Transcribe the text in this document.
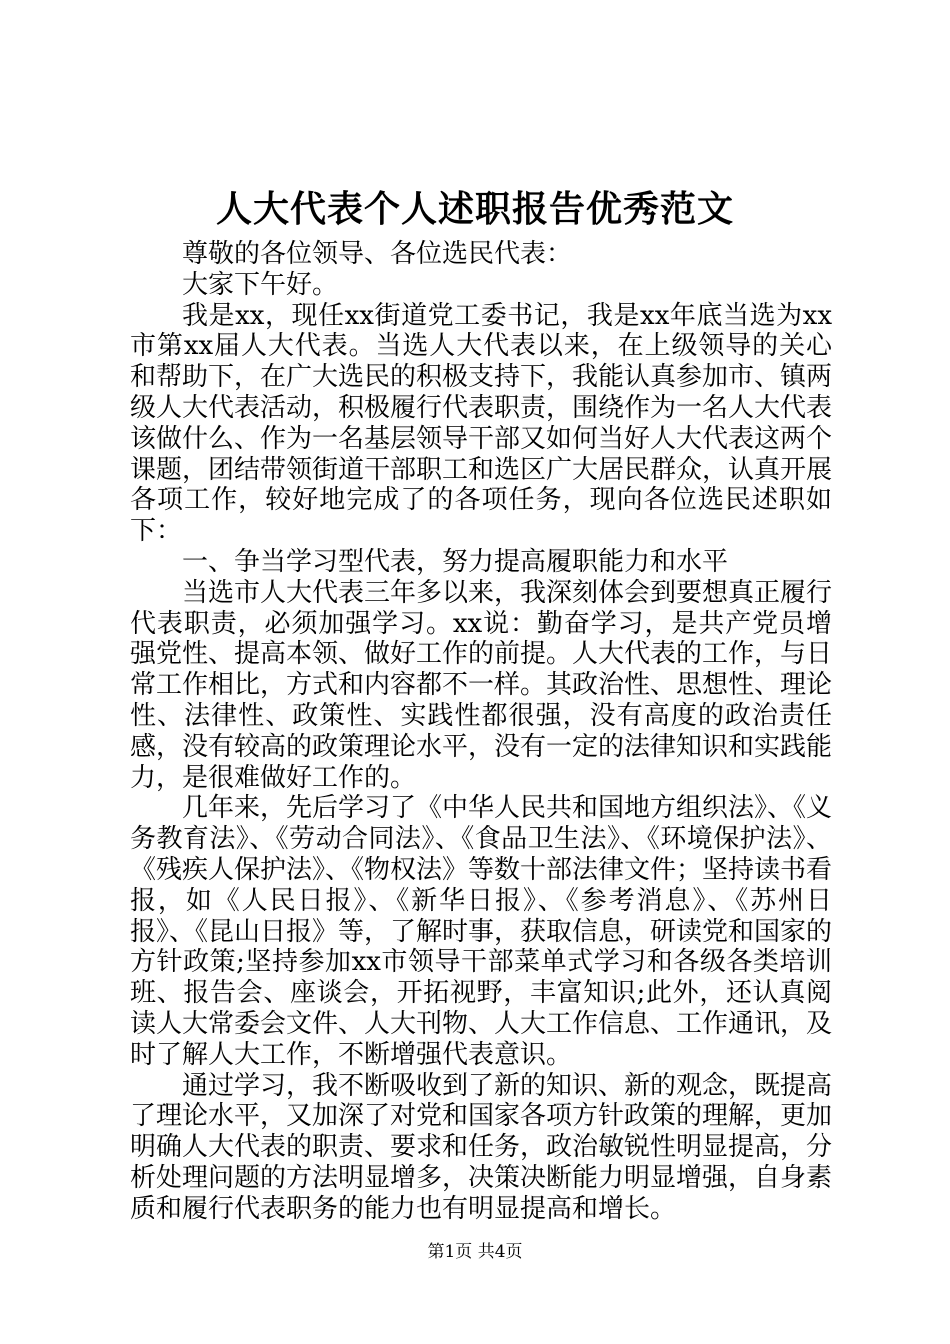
人大代表个人述职报告优秀范文

尊敬的各位领导、各位选民代表：

大家下午好。

我是xx，现任xx街道党工委书记，我是xx年底当选为xx市第xx届人大代表。当选人大代表以来，在上级领导的关心和帮助下，在广大选民的积极支持下，我能认真参加市、镇两级人大代表活动，积极履行代表职责，围绕作为一名人大代表该做什么、作为一名基层领导干部又如何当好人大代表这两个课题，团结带领街道干部职工和选区广大居民群众，认真开展各项工作，较好地完成了的各项任务，现向各位选民述职如下：

一、争当学习型代表，努力提高履职能力和水平

当选市人大代表三年多以来，我深刻体会到要想真正履行代表职责，必须加强学习。xx说：勤奋学习，是共产党员增强党性、提高本领、做好工作的前提。人大代表的工作，与日常工作相比，方式和内容都不一样。其政治性、思想性、理论性、法律性、政策性、实践性都很强，没有高度的政治责任感，没有较高的政策理论水平，没有一定的法律知识和实践能力，是很难做好工作的。

几年来，先后学习了《中华人民共和国地方组织法》、《义务教育法》、《劳动合同法》、《食品卫生法》、《环境保护法》、《残疾人保护法》、《物权法》等数十部法律文件；坚持读书看报，如《人民日报》、《新华日报》、《参考消息》、《苏州日报》、《昆山日报》等，了解时事，获取信息，研读党和国家的方针政策;坚持参加xx市领导干部菜单式学习和各级各类培训班、报告会、座谈会，开拓视野，丰富知识;此外，还认真阅读人大常委会文件、人大刊物、人大工作信息、工作通讯，及时了解人大工作，不断增强代表意识。

通过学习，我不断吸收到了新的知识、新的观念，既提高了理论水平，又加深了对党和国家各项方针政策的理解，更加明确人大代表的职责、要求和任务，政治敏锐性明显提高，分析处理问题的方法明显增多，决策决断能力明显增强，自身素质和履行代表职务的能力也有明显提高和增长。

第1页 共4页
